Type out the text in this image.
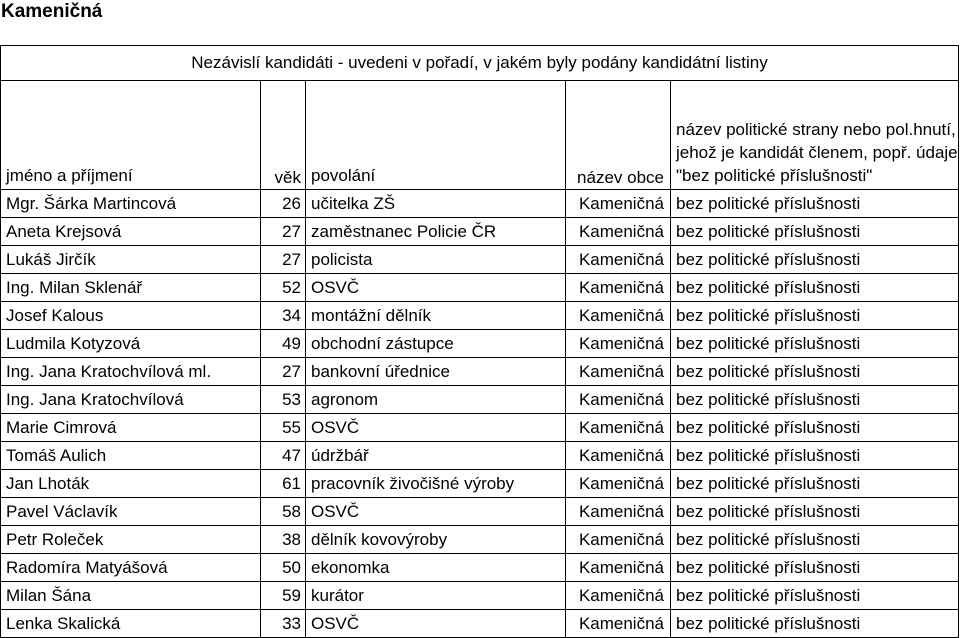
Kameničná
Nezávislí kandidáti - uvedeni v pořadí, v jakém byly podány kandidátní listiny				
jméno a příjmení	věk	povolání	název obce	název politické strany nebo pol.hnutí, jehož je kandidát členem, popř. údaje "bez politické příslušnosti"
Mgr. Šárka Martincová	26	učitelka ZŠ	Kameničná	bez politické příslušnosti
Aneta Krejsová	27	zaměstnanec Policie ČR	Kameničná	bez politické příslušnosti
Lukáš Jirčík	27	policista	Kameničná	bez politické příslušnosti
Ing. Milan Sklenář	52	OSVČ	Kameničná	bez politické příslušnosti
Josef Kalous	34	montážní dělník	Kameničná	bez politické příslušnosti
Ludmila Kotyzová	49	obchodní zástupce	Kameničná	bez politické příslušnosti
Ing. Jana Kratochvílová ml.	27	bankovní úřednice	Kameničná	bez politické příslušnosti
Ing. Jana Kratochvílová	53	agronom	Kameničná	bez politické příslušnosti
Marie Cimrová	55	OSVČ	Kameničná	bez politické příslušnosti
Tomáš Aulich	47	údržbář	Kameničná	bez politické příslušnosti
Jan Lhoták	61	pracovník živočišné výroby	Kameničná	bez politické příslušnosti
Pavel Václavík	58	OSVČ	Kameničná	bez politické příslušnosti
Petr Roleček	38	dělník kovovýroby	Kameničná	bez politické příslušnosti
Radomíra Matyášová	50	ekonomka	Kameničná	bez politické příslušnosti
Milan Šána	59	kurátor	Kameničná	bez politické příslušnosti
Lenka Skalická	33	OSVČ	Kameničná	bez politické příslušnosti
